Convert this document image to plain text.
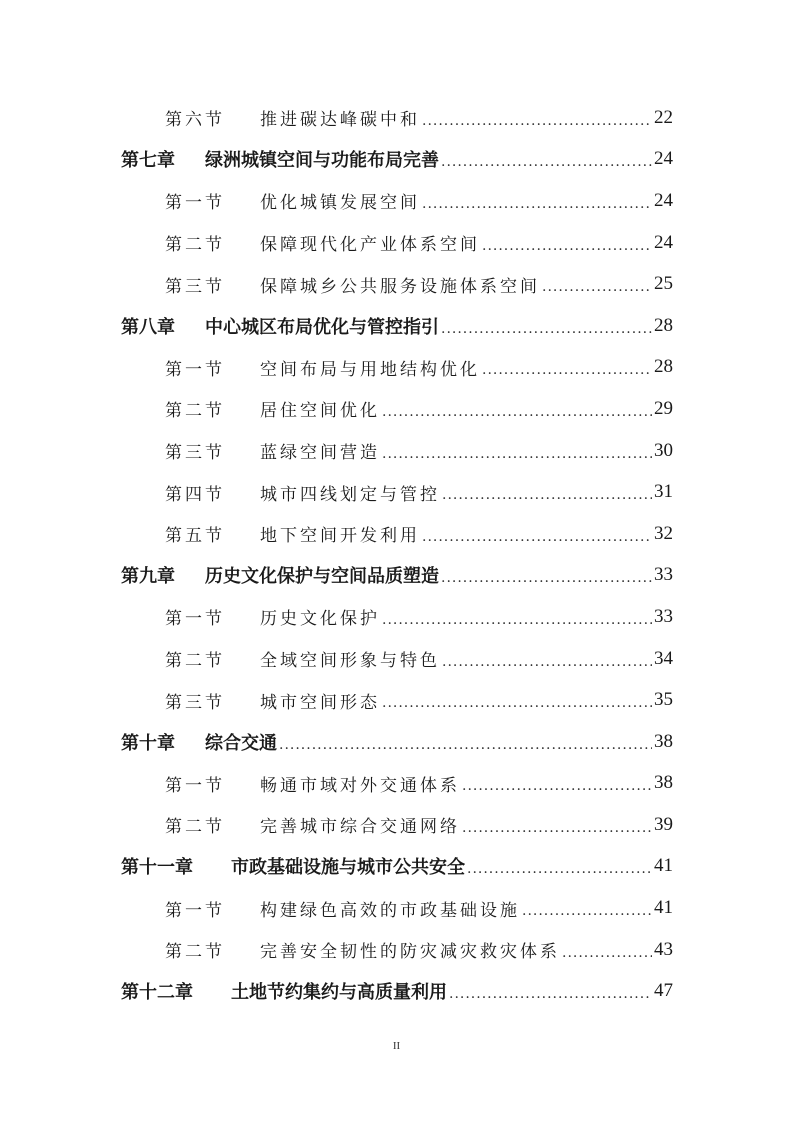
第六节 推进碳达峰碳中和 .....	22
第七章 绿洲城镇空间与功能布局完善 .....	24
第一节 优化城镇发展空间 .....	24
第二节 保障现代化产业体系空间 .....	24
第三节 保障城乡公共服务设施体系空间 .....	25
第八章 中心城区布局优化与管控指引 .....	28
第一节 空间布局与用地结构优化 .....	28
第二节 居住空间优化 .....	29
第三节 蓝绿空间营造 .....	30
第四节 城市四线划定与管控 .....	31
第五节 地下空间开发利用 .....	32
第九章 历史文化保护与空间品质塑造 .....	33
第一节 历史文化保护 .....	33
第二节 全域空间形象与特色 .....	34
第三节 城市空间形态 .....	35
第十章 综合交通 .....	38
第一节 畅通市域对外交通体系 .....	38
第二节 完善城市综合交通网络 .....	39
第十一章 市政基础设施与城市公共安全 .....	41
第一节 构建绿色高效的市政基础设施 .....	41
第二节 完善安全韧性的防灾减灾救灾体系 .....	43
第十二章 土地节约集约与高质量利用 .....	47
II
